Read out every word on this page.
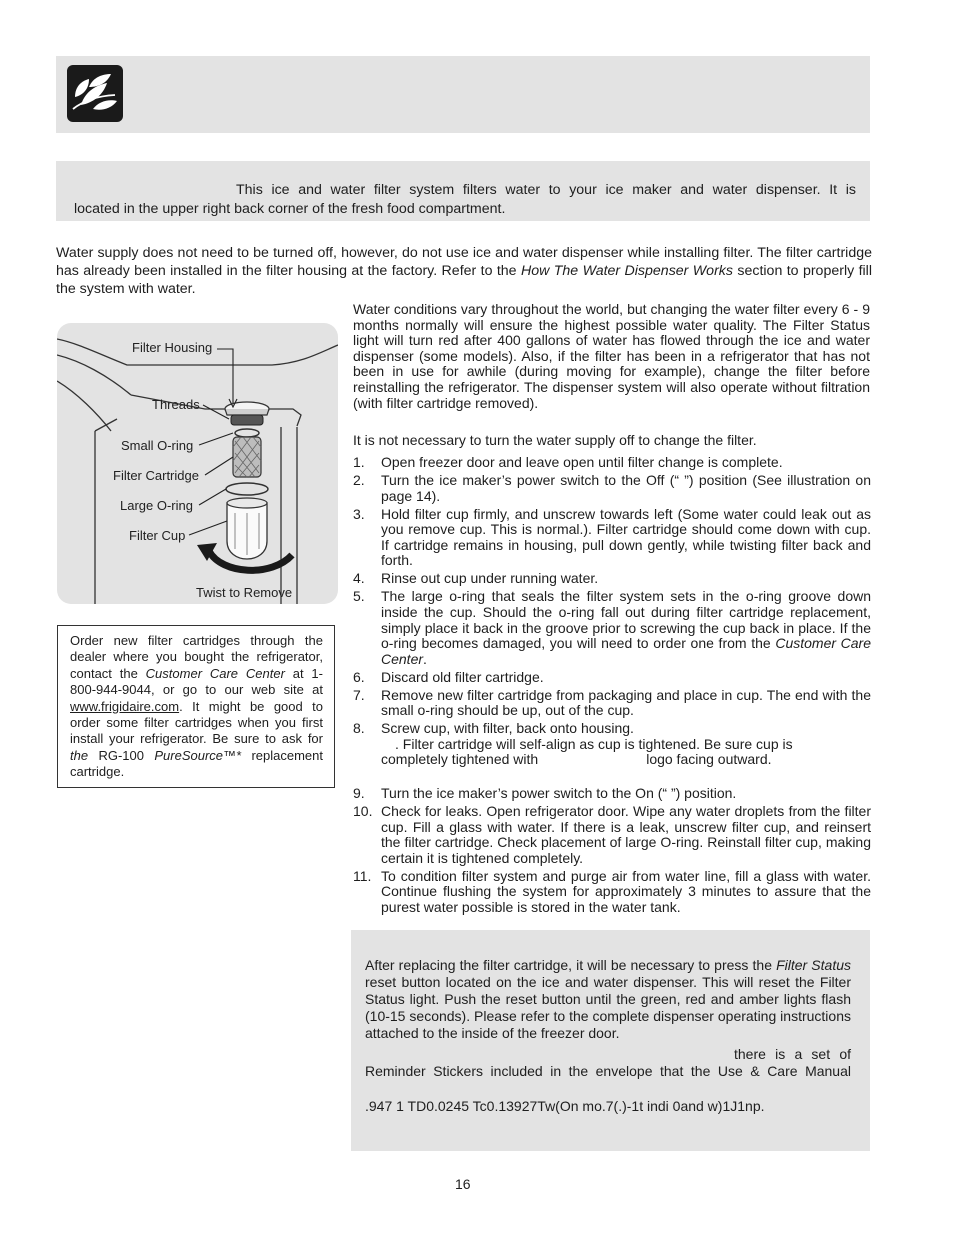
This ice and water filter system filters water to your ice maker and water dispenser. It is
located in the upper right back corner of the fresh food compartment.
Water supply does not need to be turned off, however, do not use ice and water dispenser while installing filter. The filter cartridge has already been installed in the filter housing at the factory. Refer to the How The Water Dispenser Works section to properly fill the system with water.
Filter Housing
Threads
Small O-ring
Filter Cartridge
Large O-ring
Filter Cup
Twist to Remove
Order new filter cartridges through the dealer where you bought the refrigerator, contact the Customer Care Center at 1-800-944-9044, or go to our web site at www.frigidaire.com. It might be good to order some filter cartridges when you first install your refrigerator. Be sure to ask for the RG-100 PureSource™* replacement cartridge.
Water conditions vary throughout the world, but changing the water filter every 6 - 9 months normally will ensure the highest possible water quality. The Filter Status light will turn red after 400 gallons of water has flowed through the ice and water dispenser (some models). Also, if the filter has been in a refrigerator that has not been in use for awhile (during moving for example), change the filter before reinstalling the refrigerator. The dispenser system will also operate without filtration (with filter cartridge removed).
It is not necessary to turn the water supply off to change the filter.
1. Open freezer door and leave open until filter change is complete.
2. Turn the ice maker’s power switch to the Off (“ ”) position (See illustration on page 14).
3. Hold filter cup firmly, and unscrew towards left (Some water could leak out as you remove cup. This is normal.). Filter cartridge should come down with cup. If cartridge remains in housing, pull down gently, while twisting filter back and forth.
4. Rinse out cup under running water.
5. The large o-ring that seals the filter system sets in the o-ring groove down inside the cup. Should the o-ring fall out during filter cartridge replacement, simply place it back in the groove prior to screwing the cup back in place. If the o-ring becomes damaged, you will need to order one from the Customer Care Center.
6. Discard old filter cartridge.
7. Remove new filter cartridge from packaging and place in cup. The end with the small o-ring should be up, out of the cup.
8. Screw cup, with filter, back onto housing.
. Filter cartridge will self-align as cup is tightened. Be sure cup is
completely tightened with	logo facing outward.
9. Turn the ice maker’s power switch to the On (“ ”) position.
10. Check for leaks. Open refrigerator door. Wipe any water droplets from the filter cup. Fill a glass with water. If there is a leak, unscrew filter cup, and reinsert the filter cartridge. Check placement of large O-ring. Reinstall filter cup, making certain it is tightened completely.
11. To condition filter system and purge air from water line, fill a glass with water. Continue flushing the system for approximately 3 minutes to assure that the purest water possible is stored in the water tank.
After replacing the filter cartridge, it will be necessary to press the Filter Status reset button located on the ice and water dispenser. This will reset the Filter Status light. Push the reset button until the green, red and amber lights flash (10-15 seconds). Please refer to the complete dispenser operating instructions attached to the inside of the freezer door.
there is a set of
Reminder Stickers included in the envelope that the Use & Care Manual
.947 1 TD0.0245 Tc0.13927Tw(On mo.7(.)-1t indi 0and w)1J1np.
16
